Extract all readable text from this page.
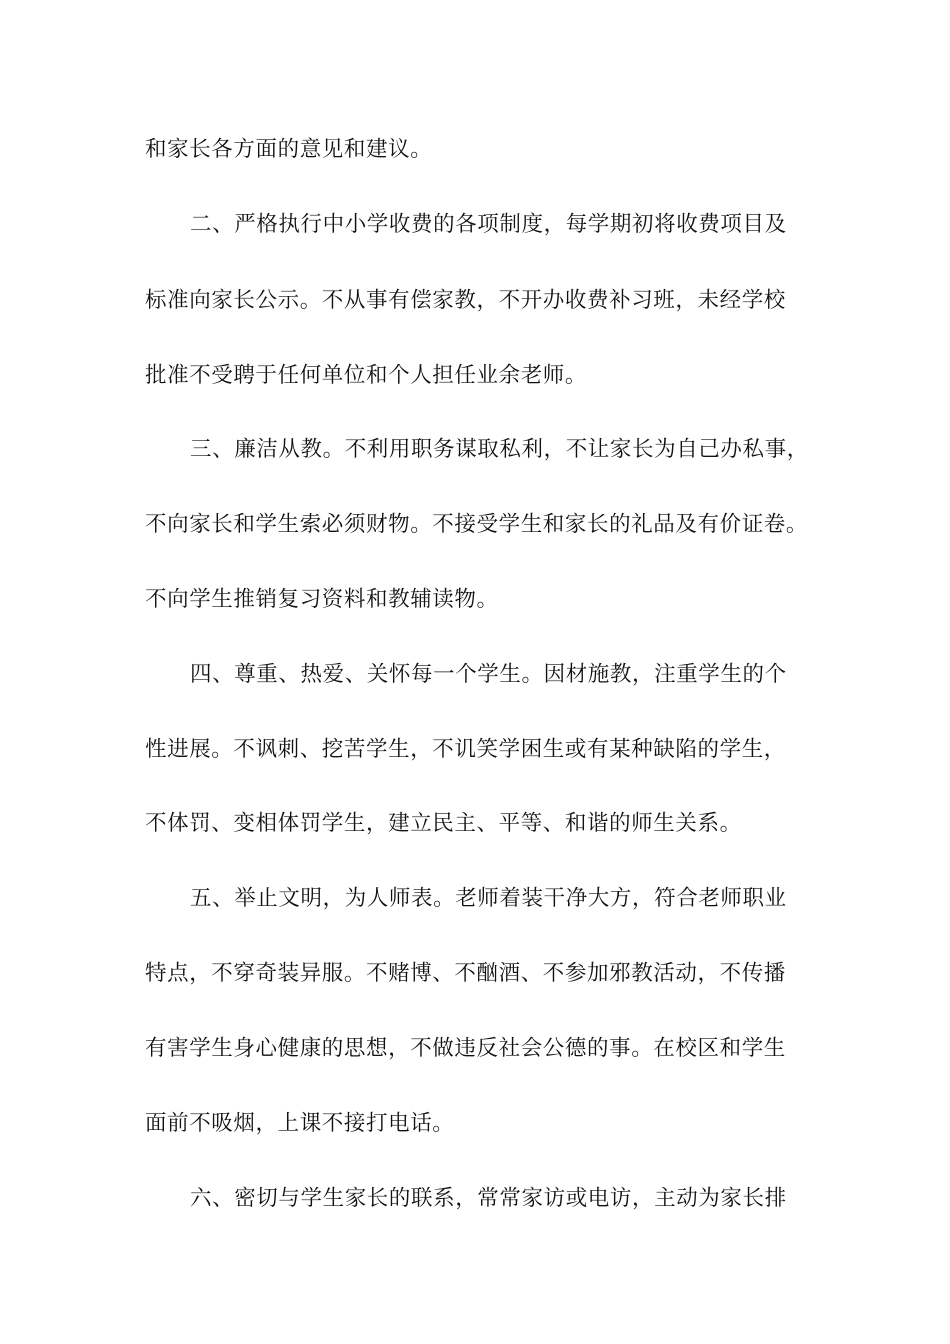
和家长各方面的意见和建议。
二、严格执行中小学收费的各项制度，每学期初将收费项目及
标准向家长公示。不从事有偿家教，不开办收费补习班，未经学校
批准不受聘于任何单位和个人担任业余老师。
三、廉洁从教。不利用职务谋取私利，不让家长为自己办私事，
不向家长和学生索必须财物。不接受学生和家长的礼品及有价证卷。
不向学生推销复习资料和教辅读物。
四、尊重、热爱、关怀每一个学生。因材施教，注重学生的个
性进展。不讽刺、挖苦学生，不讥笑学困生或有某种缺陷的学生，
不体罚、变相体罚学生，建立民主、平等、和谐的师生关系。
五、举止文明，为人师表。老师着装干净大方，符合老师职业
特点，不穿奇装异服。不赌博、不酗酒、不参加邪教活动，不传播
有害学生身心健康的思想，不做违反社会公德的事。在校区和学生
面前不吸烟，上课不接打电话。
六、密切与学生家长的联系，常常家访或电访，主动为家长排
